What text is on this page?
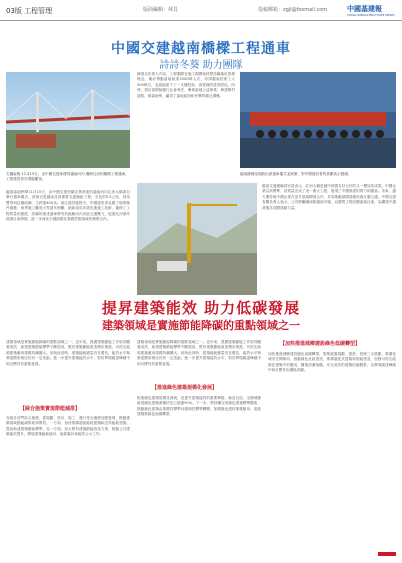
03版 工程管理	版面編輯：林貝	投稿郵箱：zgjl@foxmail.com	中國基建報
CHINA INFRASTRUCTURE NEWS
中國交建越南橋樑工程通車
詩詩冬葵 助力團隊
左圖說明 11月15日，由中國交建承建的越南河內 橫跨紅河的橋樑工程通車，工程建設者在現場慶祝。
越南當地時間11月15日，由中國交建所屬企業承建的越南河內紅河大橋項目舉行通車儀式。該項目是越南北部重要交通樞紐工程，全長約3.5公里，採用雙塔斜拉橋結構，主跨達400米。項目建設過程中，中國建設者克服了地質條件複雜、雨季施工難度大等諸多困難，創新採用多項先進施工技術，確保了工程質量和進度。該橋的建成通車將有效緩解河內市區交通壓力，促進紅河兩岸經濟社會發展，進一步深化中越兩國在基礎設施領域的務實合作。
據項目負責人介紹，工程團隊在施工期間始終堅持屬地化管理理念，累計帶動當地就業2000餘人次，培訓越南技術工人500餘名，為當地留下了一支懂技術、會管理的建設隊伍。同時，項目部積極履行社會責任，參與當地公益事業，修建鄉村道路、捐資助學，贏得了當地政府和民眾的廣泛讚譽。
越南總理范明政出席通車儀式並致辭，對中國建設者的貢獻表示感謝。
越南交通運輸部官員表示，紅河大橋是越中兩國友好合作的又一標誌性成果。中國企業以高標準、高質量完成了這一重大工程，展現了中國基建的實力和擔當。未來，越方期待與中國企業在更多領域開展合作，共同推動兩國基礎設施互聯互通。中國交建有關負責人表示，公司將繼續深耕越南市場，以優質工程回饋當地社會，為構建中越命運共同體貢獻力量。
提昇建築能效 助力低碳發展
建築領域是實施節能降碳的重點領域之一
建築領域是實施節能降碳的重點領域之一。近年來，我國建築節能工作取得顯著成效，新建建築節能標準不斷提高，既有建築節能改造穩步推進，可再生能源建築應用規模持續擴大。但與此同時，建築能耗總量仍在增長，能效水平與發達國家相比仍有一定差距。進一步提升建築能效水平，對於實現碳達峰碳中和目標具有重要意義。
【綜合施策實現節能減排】
各地各部門綜合施策，從規劃、設計、施工、運行等全過程加強管理，推動建築領域節能減排取得實效。一方面，加快推廣超低能耗建築和近零能耗建築，提高新建建築節能標準；另一方面，加大既有建築節能改造力度，推動公共建築能效提升，開展建築能耗統計、能源審計和能效公示工作。
建築領域是實施節能降碳的重點領域之一。近年來，我國建築節能工作取得顯著成效，新建建築節能標準不斷提高，既有建築節能改造穩步推進，可再生能源建築應用規模持續擴大。但與此同時，建築能耗總量仍在增長，能效水平與發達國家相比仍有一定差距。進一步提升建築能效水平，對於實現碳達峰碳中和目標具有重要意義。
【推進綠色建築規模化發展】
推進綠色建築規模化發展，是提升建築能效的重要舉措。截至目前，全國城鎮新建綠色建築面積佔比已超過90%。下一步，將持續完善綠色建築標準體系，推動綠色建築由推薦性標準向強制性標準轉變，加強綠色建材推廣應用，促進建築業綠色低碳轉型。
【加快推進城鄉建設綠色低碳轉型】
加快推進城鄉建設綠色低碳轉型，需要統籌規劃、建設、管理三大環節。要優化城市空間佈局，推動綠色社區建設，推廣裝配式建築和智能建造，加強可再生能源在建築中的應用，構建清潔低碳、安全高效的建築用能體系，為實現碳達峰碳中和目標作出積極貢獻。
